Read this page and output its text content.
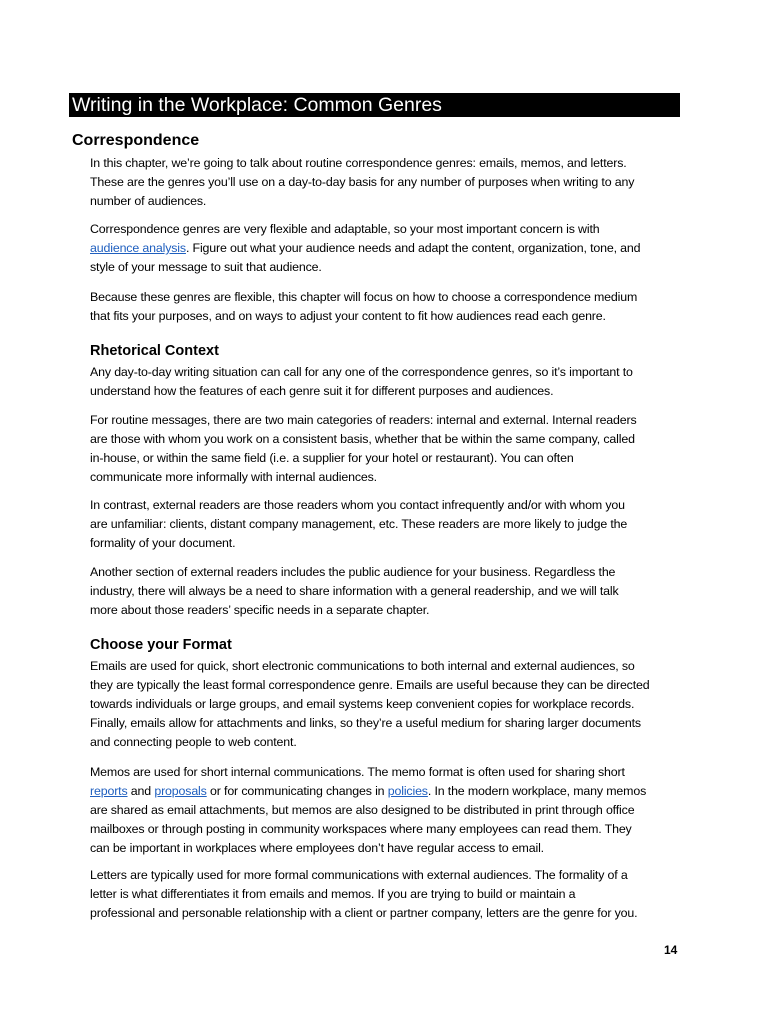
Writing in the Workplace: Common Genres
Correspondence
In this chapter, we’re going to talk about routine correspondence genres: emails, memos, and letters.
These are the genres you’ll use on a day-to-day basis for any number of purposes when writing to any
number of audiences.
Correspondence genres are very flexible and adaptable, so your most important concern is with
audience analysis. Figure out what your audience needs and adapt the content, organization, tone, and
style of your message to suit that audience.
Because these genres are flexible, this chapter will focus on how to choose a correspondence medium
that fits your purposes, and on ways to adjust your content to fit how audiences read each genre.
Rhetorical Context
Any day-to-day writing situation can call for any one of the correspondence genres, so it’s important to
understand how the features of each genre suit it for different purposes and audiences.
For routine messages, there are two main categories of readers: internal and external. Internal readers
are those with whom you work on a consistent basis, whether that be within the same company, called
in-house, or within the same field (i.e. a supplier for your hotel or restaurant). You can often
communicate more informally with internal audiences.
In contrast, external readers are those readers whom you contact infrequently and/or with whom you
are unfamiliar: clients, distant company management, etc. These readers are more likely to judge the
formality of your document.
Another section of external readers includes the public audience for your business. Regardless the
industry, there will always be a need to share information with a general readership, and we will talk
more about those readers’ specific needs in a separate chapter.
Choose your Format
Emails are used for quick, short electronic communications to both internal and external audiences, so
they are typically the least formal correspondence genre. Emails are useful because they can be directed
towards individuals or large groups, and email systems keep convenient copies for workplace records.
Finally, emails allow for attachments and links, so they’re a useful medium for sharing larger documents
and connecting people to web content.
Memos are used for short internal communications. The memo format is often used for sharing short
reports and proposals or for communicating changes in policies. In the modern workplace, many memos
are shared as email attachments, but memos are also designed to be distributed in print through office
mailboxes or through posting in community workspaces where many employees can read them. They
can be important in workplaces where employees don’t have regular access to email.
Letters are typically used for more formal communications with external audiences. The formality of a
letter is what differentiates it from emails and memos. If you are trying to build or maintain a
professional and personable relationship with a client or partner company, letters are the genre for you.
14
